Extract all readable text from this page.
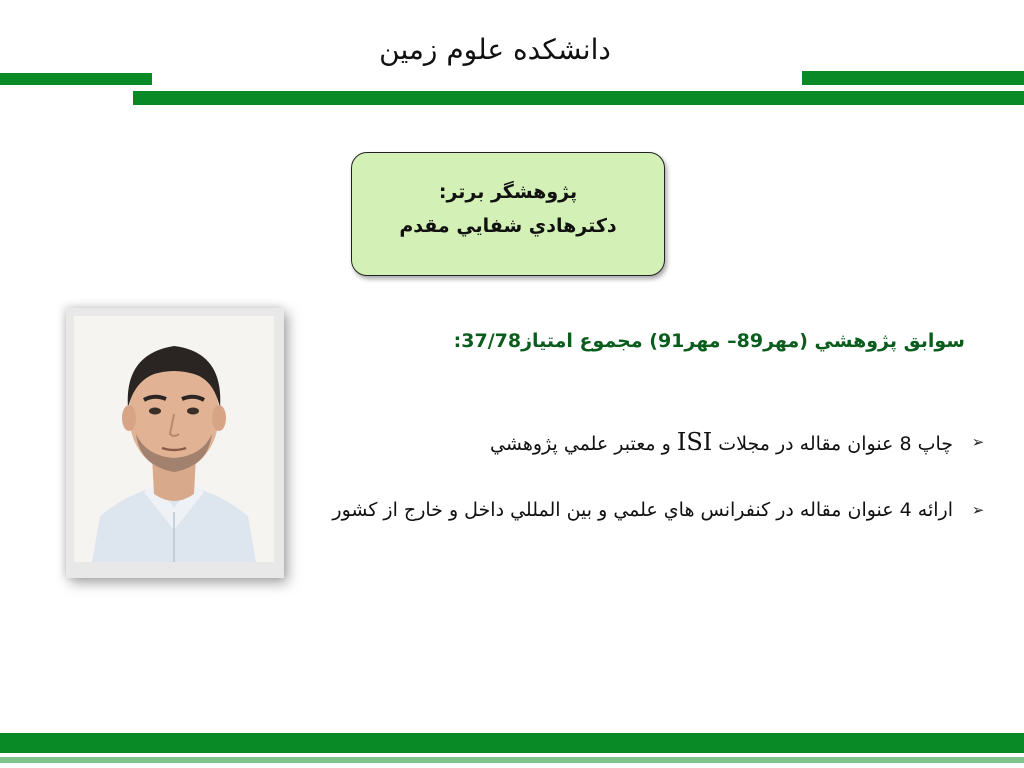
دانشکده علوم زمین
پژوهشگر برتر:
دكترهادي شفايي مقدم
سوابق پژوهشي (مهر89– مهر91) مجموع امتياز37/78:
➢
چاپ 8 عنوان مقاله در مجلات ISI و معتبر علمي پژوهشي
➢
ارائه 4 عنوان مقاله در كنفرانس هاي علمي و بين المللي داخل و خارج از كشور
